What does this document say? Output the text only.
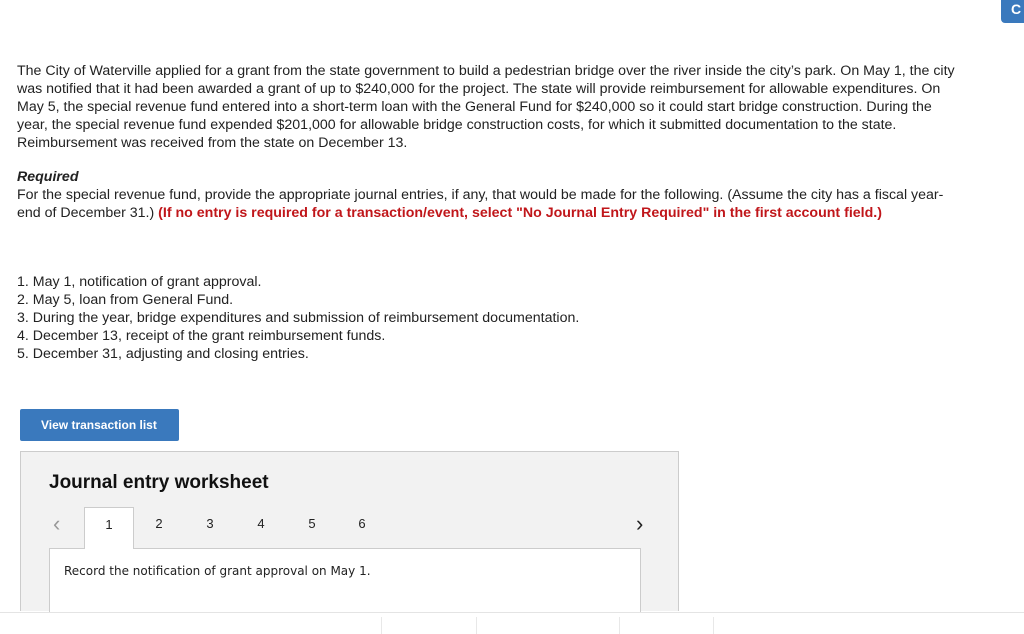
C

The City of Waterville applied for a grant from the state government to build a pedestrian bridge over the river inside the city’s park. On May 1, the city was notified that it had been awarded a grant of up to $240,000 for the project. The state will provide reimbursement for allowable expenditures. On May 5, the special revenue fund entered into a short-term loan with the General Fund for $240,000 so it could start bridge construction. During the year, the special revenue fund expended $201,000 for allowable bridge construction costs, for which it submitted documentation to the state. Reimbursement was received from the state on December 13.

Required

For the special revenue fund, provide the appropriate journal entries, if any, that would be made for the following. (Assume the city has a fiscal year-end of December 31.) (If no entry is required for a transaction/event, select "No Journal Entry Required" in the first account field.)

1. May 1, notification of grant approval.
2. May 5, loan from General Fund.
3. During the year, bridge expenditures and submission of reimbursement documentation.
4. December 13, receipt of the grant reimbursement funds.
5. December 31, adjusting and closing entries.
View transaction list
Journal entry worksheet
‹	1	2	3	4	5	6	›

Record the notification of grant approval on May 1.
